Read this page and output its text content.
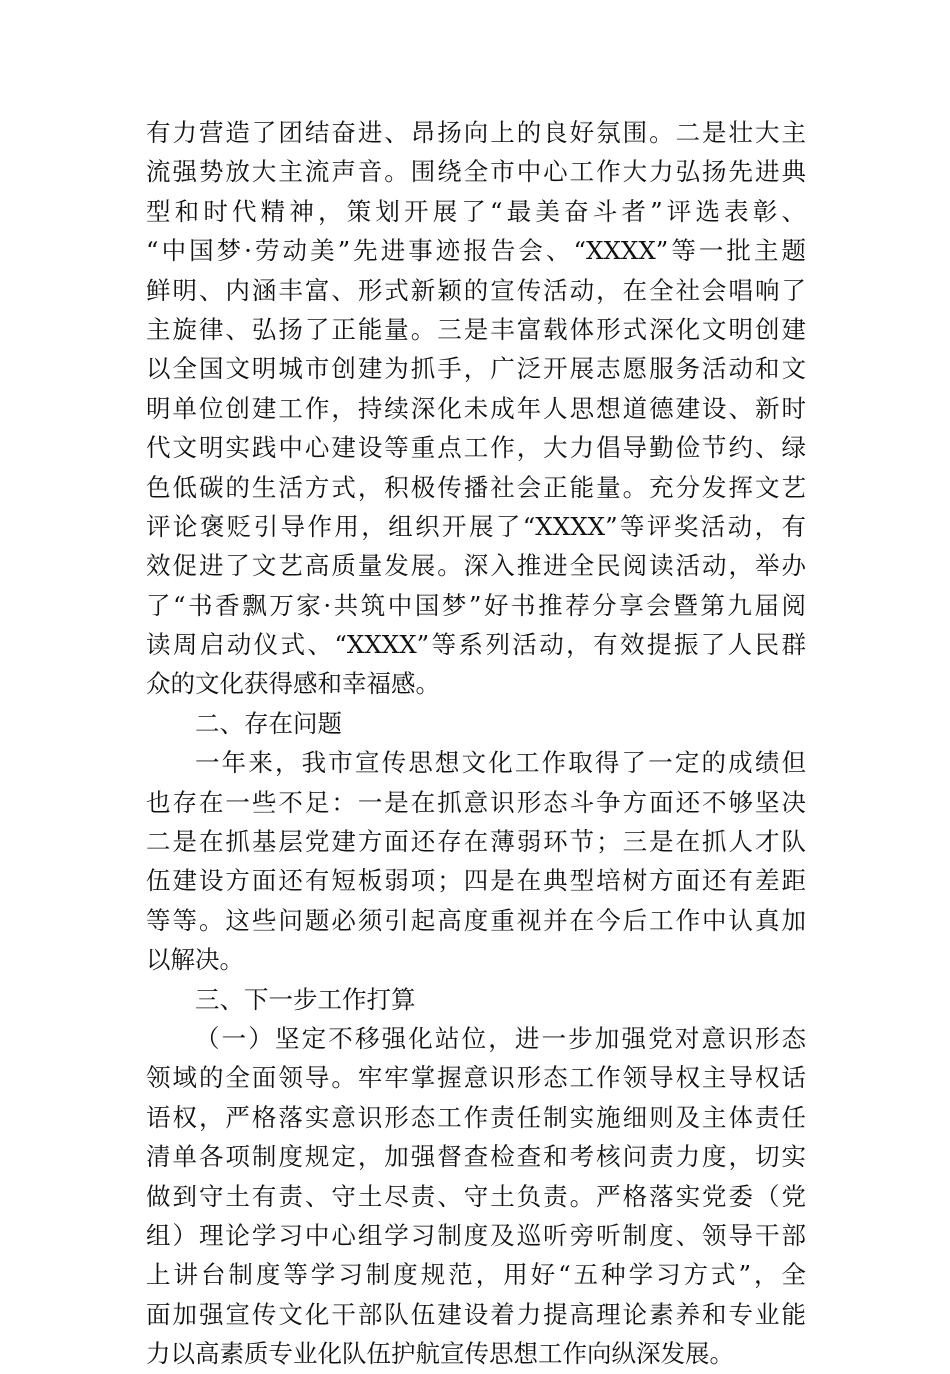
有力营造了团结奋进、昂扬向上的良好氛围。二是壮大主
流强势放大主流声音。围绕全市中心工作大力弘扬先进典
型和时代精神，策划开展了“最美奋斗者”评选表彰、
“中国梦·劳动美”先进事迹报告会、“XXXX”等一批主题
鲜明、内涵丰富、形式新颖的宣传活动，在全社会唱响了
主旋律、弘扬了正能量。三是丰富载体形式深化文明创建
以全国文明城市创建为抓手，广泛开展志愿服务活动和文
明单位创建工作，持续深化未成年人思想道德建设、新时
代文明实践中心建设等重点工作，大力倡导勤俭节约、绿
色低碳的生活方式，积极传播社会正能量。充分发挥文艺
评论褒贬引导作用，组织开展了“XXXX”等评奖活动，有
效促进了文艺高质量发展。深入推进全民阅读活动，举办
了“书香飘万家·共筑中国梦”好书推荐分享会暨第九届阅
读周启动仪式、“XXXX”等系列活动，有效提振了人民群
众的文化获得感和幸福感。
二、存在问题
一年来，我市宣传思想文化工作取得了一定的成绩但
也存在一些不足：一是在抓意识形态斗争方面还不够坚决
二是在抓基层党建方面还存在薄弱环节；三是在抓人才队
伍建设方面还有短板弱项；四是在典型培树方面还有差距
等等。这些问题必须引起高度重视并在今后工作中认真加
以解决。
三、下一步工作打算
（一）坚定不移强化站位，进一步加强党对意识形态
领域的全面领导。牢牢掌握意识形态工作领导权主导权话
语权，严格落实意识形态工作责任制实施细则及主体责任
清单各项制度规定，加强督查检查和考核问责力度，切实
做到守土有责、守土尽责、守土负责。严格落实党委（党
组）理论学习中心组学习制度及巡听旁听制度、领导干部
上讲台制度等学习制度规范，用好“五种学习方式”，全
面加强宣传文化干部队伍建设着力提高理论素养和专业能
力以高素质专业化队伍护航宣传思想工作向纵深发展。
